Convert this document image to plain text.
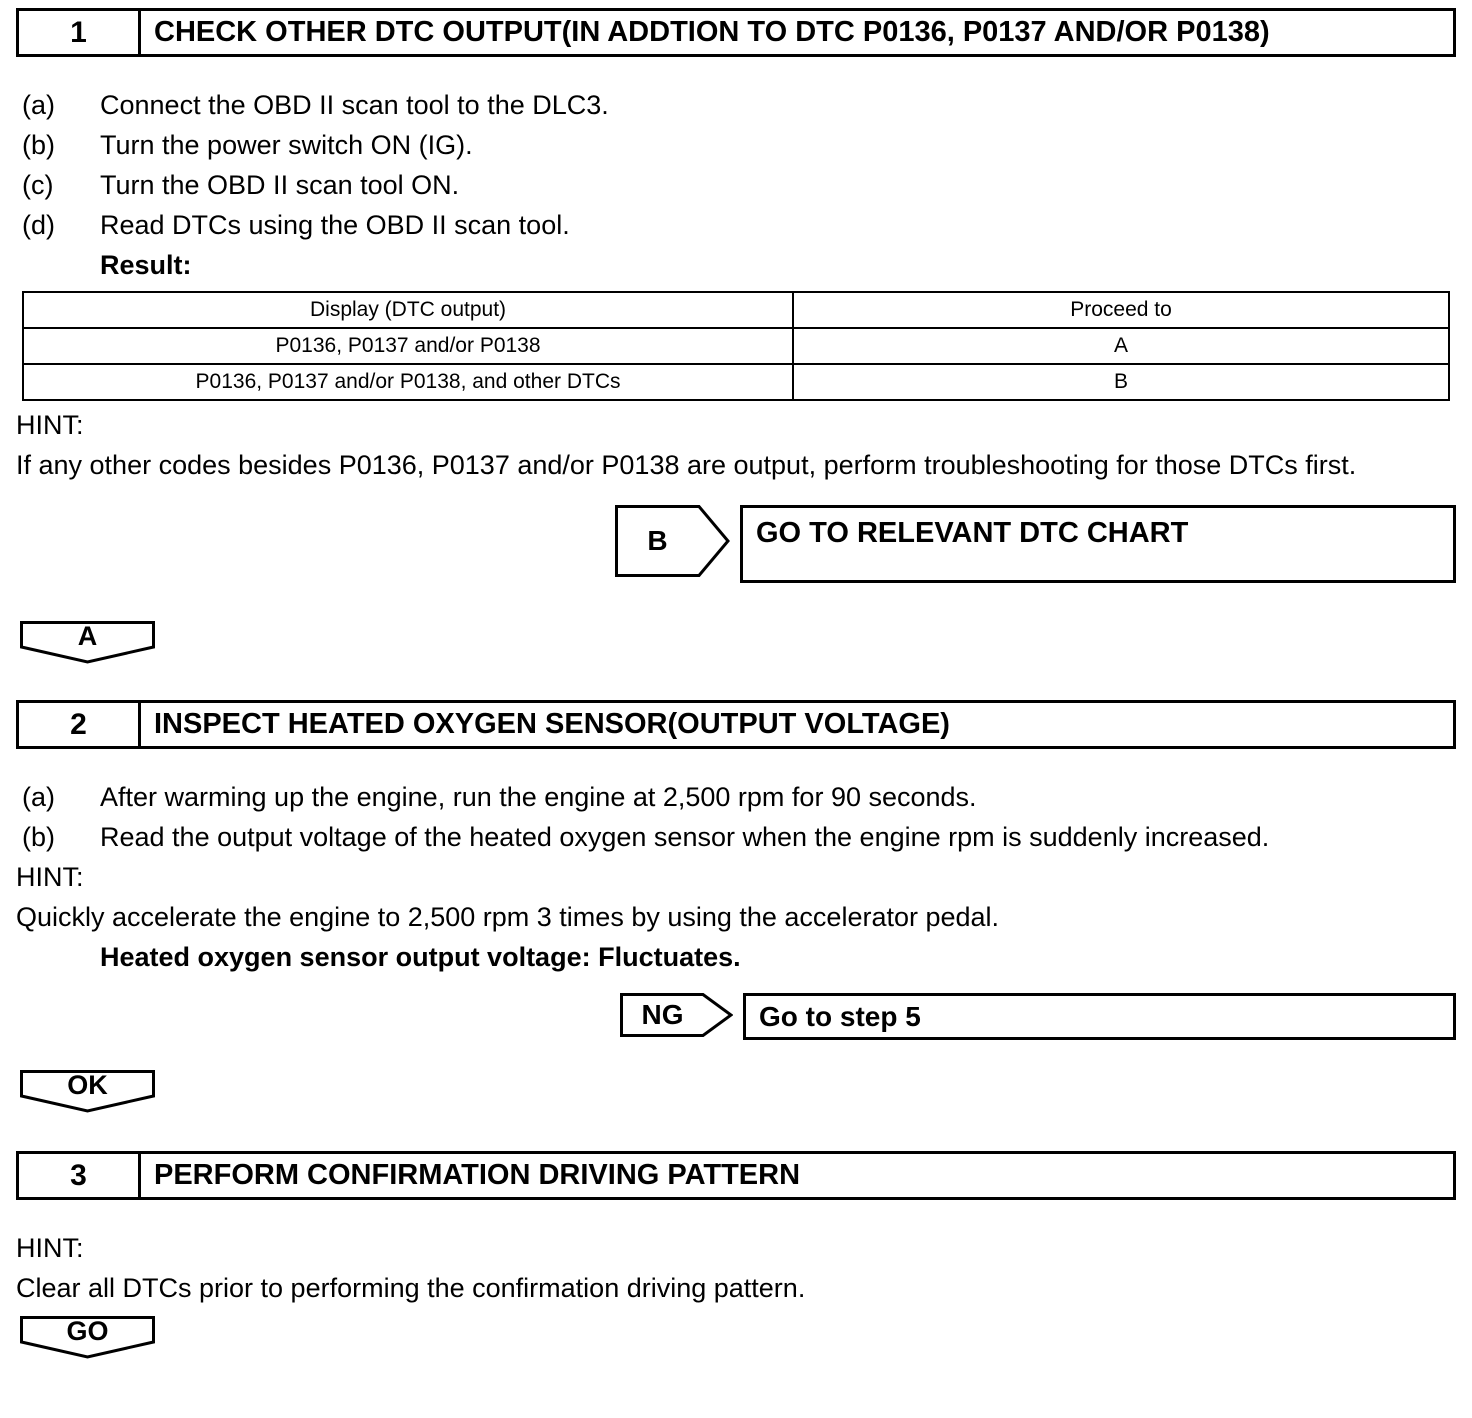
1	CHECK OTHER DTC OUTPUT(IN ADDTION TO DTC P0136, P0137 AND/OR P0138)
(a)	Connect the OBD II scan tool to the DLC3.
(b)	Turn the power switch ON (IG).
(c)	Turn the OBD II scan tool ON.
(d)	Read DTCs using the OBD II scan tool.
Result:
Display (DTC output)	Proceed to
P0136, P0137 and/or P0138	A
P0136, P0137 and/or P0138, and other DTCs	B
HINT:
If any other codes besides P0136, P0137 and/or P0138 are output, perform troubleshooting for those DTCs first.
B	GO TO RELEVANT DTC CHART
A
2	INSPECT HEATED OXYGEN SENSOR(OUTPUT VOLTAGE)
(a)	After warming up the engine, run the engine at 2,500 rpm for 90 seconds.
(b)	Read the output voltage of the heated oxygen sensor when the engine rpm is suddenly increased.
HINT:
Quickly accelerate the engine to 2,500 rpm 3 times by using the accelerator pedal.
Heated oxygen sensor output voltage: Fluctuates.
NG	Go to step 5
OK
3	PERFORM CONFIRMATION DRIVING PATTERN
HINT:
Clear all DTCs prior to performing the confirmation driving pattern.
GO
